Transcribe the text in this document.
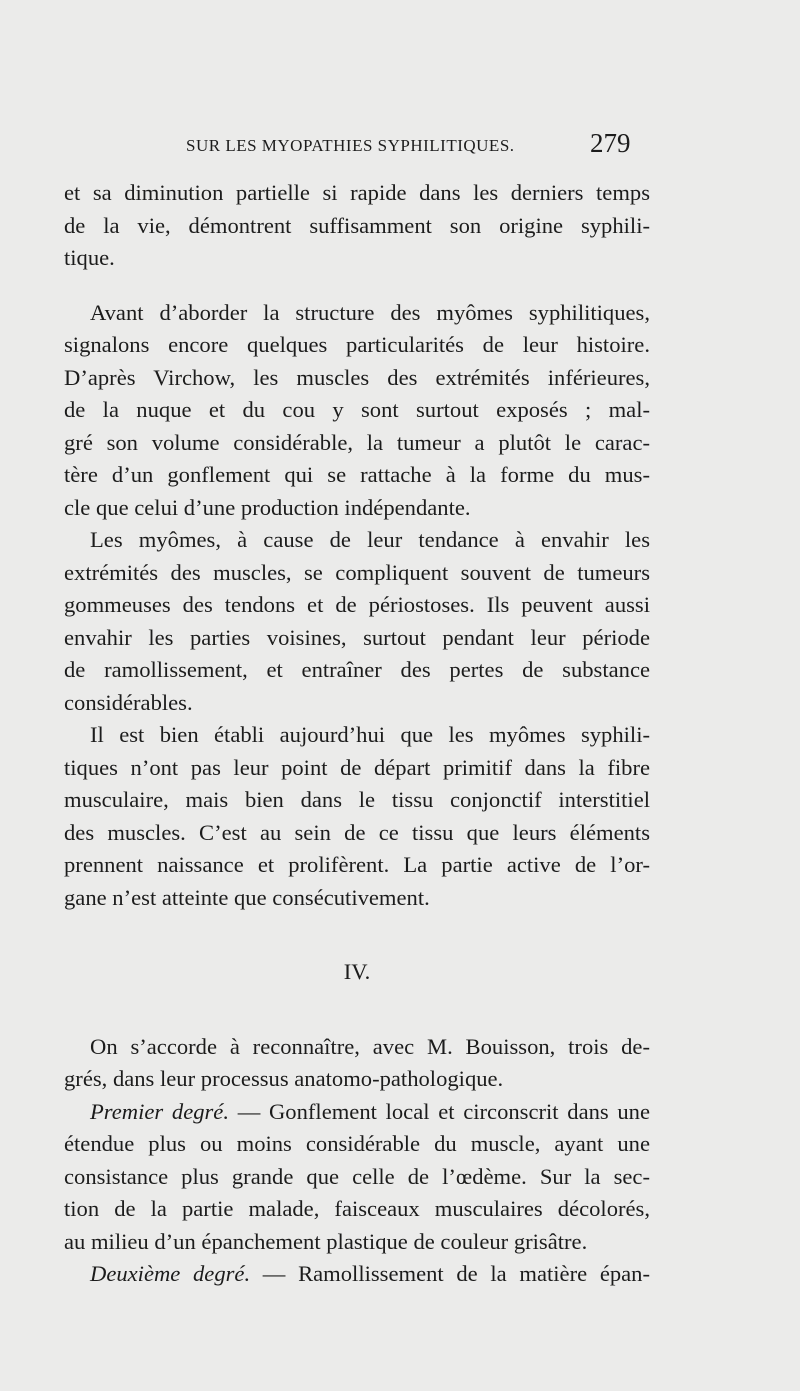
SUR LES MYOPATHIES SYPHILITIQUES.	279
et sa diminution partielle si rapide dans les derniers temps
de la vie, démontrent suffisamment son origine syphili-
tique.
Avant d’aborder la structure des myômes syphilitiques,
signalons encore quelques particularités de leur histoire.
D’après Virchow, les muscles des extrémités inférieures,
de la nuque et du cou y sont surtout exposés ; mal-
gré son volume considérable, la tumeur a plutôt le carac-
tère d’un gonflement qui se rattache à la forme du mus-
cle que celui d’une production indépendante.
Les myômes, à cause de leur tendance à envahir les
extrémités des muscles, se compliquent souvent de tumeurs
gommeuses des tendons et de périostoses. Ils peuvent aussi
envahir les parties voisines, surtout pendant leur période
de ramollissement, et entraîner des pertes de substance
considérables.
Il est bien établi aujourd’hui que les myômes syphili-
tiques n’ont pas leur point de départ primitif dans la fibre
musculaire, mais bien dans le tissu conjonctif interstitiel
des muscles. C’est au sein de ce tissu que leurs éléments
prennent naissance et prolifèrent. La partie active de l’or-
gane n’est atteinte que consécutivement.
IV.
On s’accorde à reconnaître, avec M. Bouisson, trois de-
grés, dans leur processus anatomo-pathologique.
Premier degré. — Gonflement local et circonscrit dans une
étendue plus ou moins considérable du muscle, ayant une
consistance plus grande que celle de l’œdème. Sur la sec-
tion de la partie malade, faisceaux musculaires décolorés,
au milieu d’un épanchement plastique de couleur grisâtre.
Deuxième degré. — Ramollissement de la matière épan-
